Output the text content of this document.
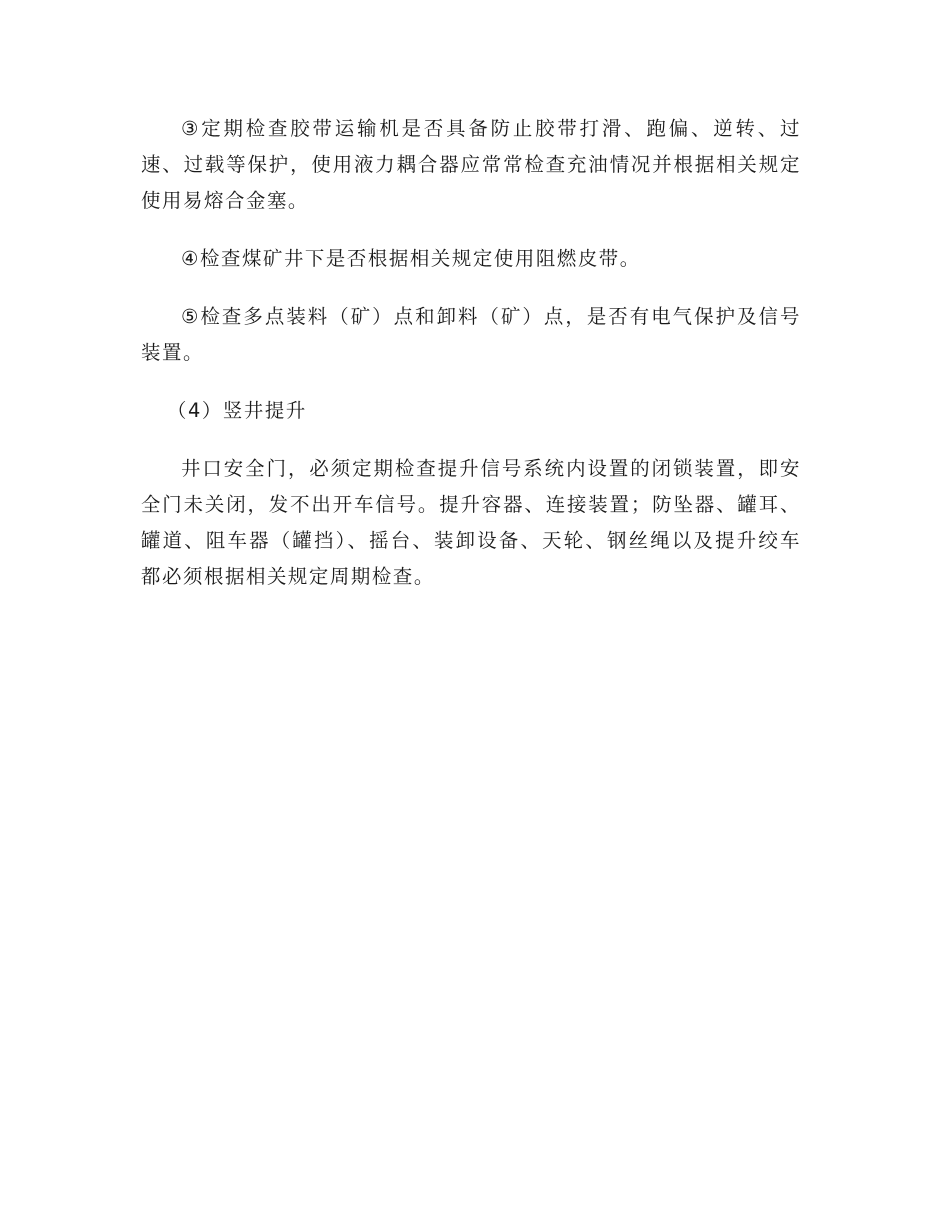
③定期检查胶带运输机是否具备防止胶带打滑、跑偏、逆转、过速、过载等保护，使用液力耦合器应常常检查充油情况并根据相关规定使用易熔合金塞。

④检查煤矿井下是否根据相关规定使用阻燃皮带。

⑤检查多点装料（矿）点和卸料（矿）点，是否有电气保护及信号装置。

（4）竖井提升

井口安全门，必须定期检查提升信号系统内设置的闭锁装置，即安全门未关闭，发不出开车信号。提升容器、连接装置；防坠器、罐耳、罐道、阻车器（罐挡）、摇台、装卸设备、天轮、钢丝绳以及提升绞车都必须根据相关规定周期检查。
